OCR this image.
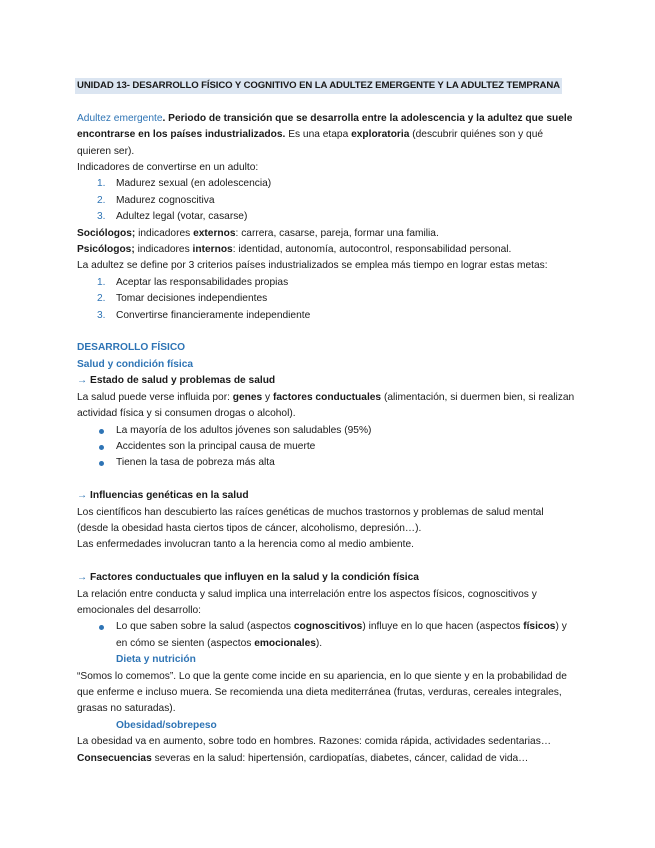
UNIDAD 13- DESARROLLO FÍSICO Y COGNITIVO EN LA ADULTEZ EMERGENTE Y LA ADULTEZ TEMPRANA

Adultez emergente. Periodo de transición que se desarrolla entre la adolescencia y la adultez que suele encontrarse en los países industrializados. Es una etapa exploratoria (descubrir quiénes son y qué quieren ser).

Indicadores de convertirse en un adulto:

1. Madurez sexual (en adolescencia)
2. Madurez cognoscitiva
3. Adultez legal (votar, casarse)

Sociólogos; indicadores externos: carrera, casarse, pareja, formar una familia.

Psicólogos; indicadores internos: identidad, autonomía, autocontrol, responsabilidad personal.

La adultez se define por 3 criterios países industrializados se emplea más tiempo en lograr estas metas:

1. Aceptar las responsabilidades propias
2. Tomar decisiones independientes
3. Convertirse financieramente independiente

DESARROLLO FÍSICO

Salud y condición física

→ Estado de salud y problemas de salud

La salud puede verse influida por: genes y factores conductuales (alimentación, si duermen bien, si realizan actividad física y si consumen drogas o alcohol).

La mayoría de los adultos jóvenes son saludables (95%)
Accidentes son la principal causa de muerte
Tienen la tasa de pobreza más alta

→ Influencias genéticas en la salud

Los científicos han descubierto las raíces genéticas de muchos trastornos y problemas de salud mental (desde la obesidad hasta ciertos tipos de cáncer, alcoholismo, depresión…).

Las enfermedades involucran tanto a la herencia como al medio ambiente.

→ Factores conductuales que influyen en la salud y la condición física

La relación entre conducta y salud implica una interrelación entre los aspectos físicos, cognoscitivos y emocionales del desarrollo:

Lo que saben sobre la salud (aspectos cognoscitivos) influye en lo que hacen (aspectos físicos) y en cómo se sienten (aspectos emocionales).

Dieta y nutrición

“Somos lo comemos”. Lo que la gente come incide en su apariencia, en lo que siente y en la probabilidad de que enferme e incluso muera. Se recomienda una dieta mediterránea (frutas, verduras, cereales integrales, grasas no saturadas).

Obesidad/sobrepeso

La obesidad va en aumento, sobre todo en hombres. Razones: comida rápida, actividades sedentarias…

Consecuencias severas en la salud: hipertensión, cardiopatías, diabetes, cáncer, calidad de vida…
